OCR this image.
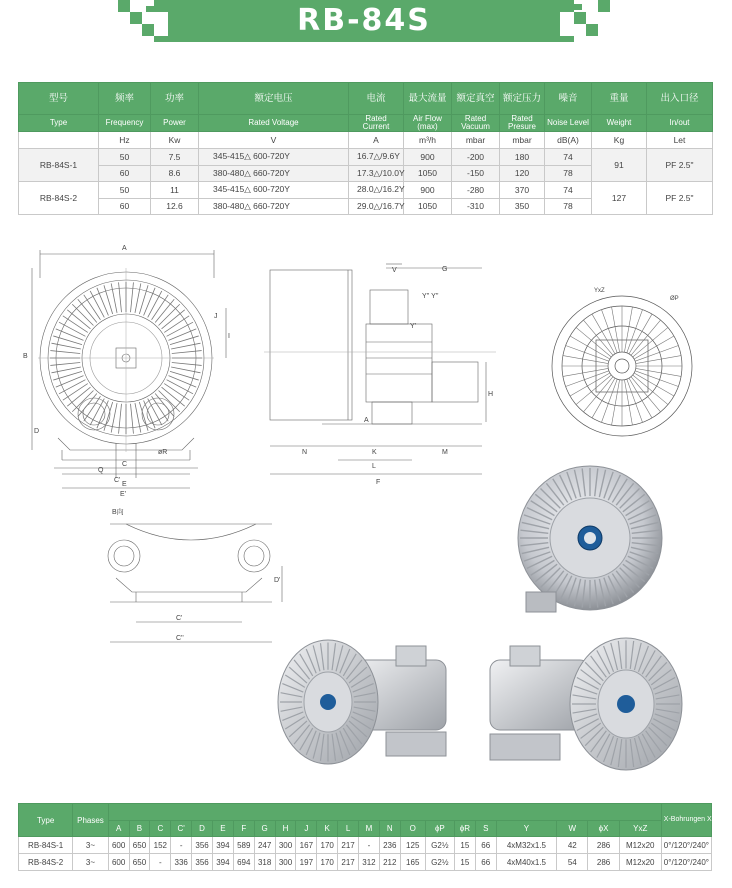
RB-84S
型号	频率	功率	额定电压	电流	最大流量	额定真空	额定压力	噪音	重量	出入口径
Type	Frequency	Power	Rated Voltage	Rated Current	Air Flow (max)	Rated Vacuum	Rated Presure	Noise Level	Weight	In/out
	Hz	Kw	V	A	m³/h	mbar	mbar	dB(A)	Kg	Let
RB-84S-1	50	7.5	345-415△ 600-720Y	16.7△/9.6Y	900	-200	180	74	91	PF 2.5"
	60	8.6	380-480△ 660-720Y	17.3△/10.0Y	1050	-150	120	78		
RB-84S-2	50	11	345-415△ 600-720Y	28.0△/16.2Y	900	-280	370	74	127	PF 2.5"
	60	12.6	380-480△ 660-720Y	29.0△/16.7Y	1050	-310	350	78		
A
B
I
J
D
C
øR
Q
C'
E
E'
V	G
Y'' Y''
Y'
H
A
N	K	M
L
F
YxZ
ØP
B向
D'
C'
C''
Type	Phases																							X-Bohrungen X-Holes
		A	B	C	C'	D	E	F	G	H	J	K	L	M	N	O	ϕP	ϕR	S	Y	W	ϕX	YxZ	
RB-84S-1	3~	600	650	152	-	356	394	589	247	300	167	170	217	-	236	125	G2½	15	66	4xM32x1.5	42	286	M12x20	0°/120°/240°
RB-84S-2	3~	600	650	-	336	356	394	694	318	300	197	170	217	312	212	165	G2½	15	66	4xM40x1.5	54	286	M12x20	0°/120°/240°
